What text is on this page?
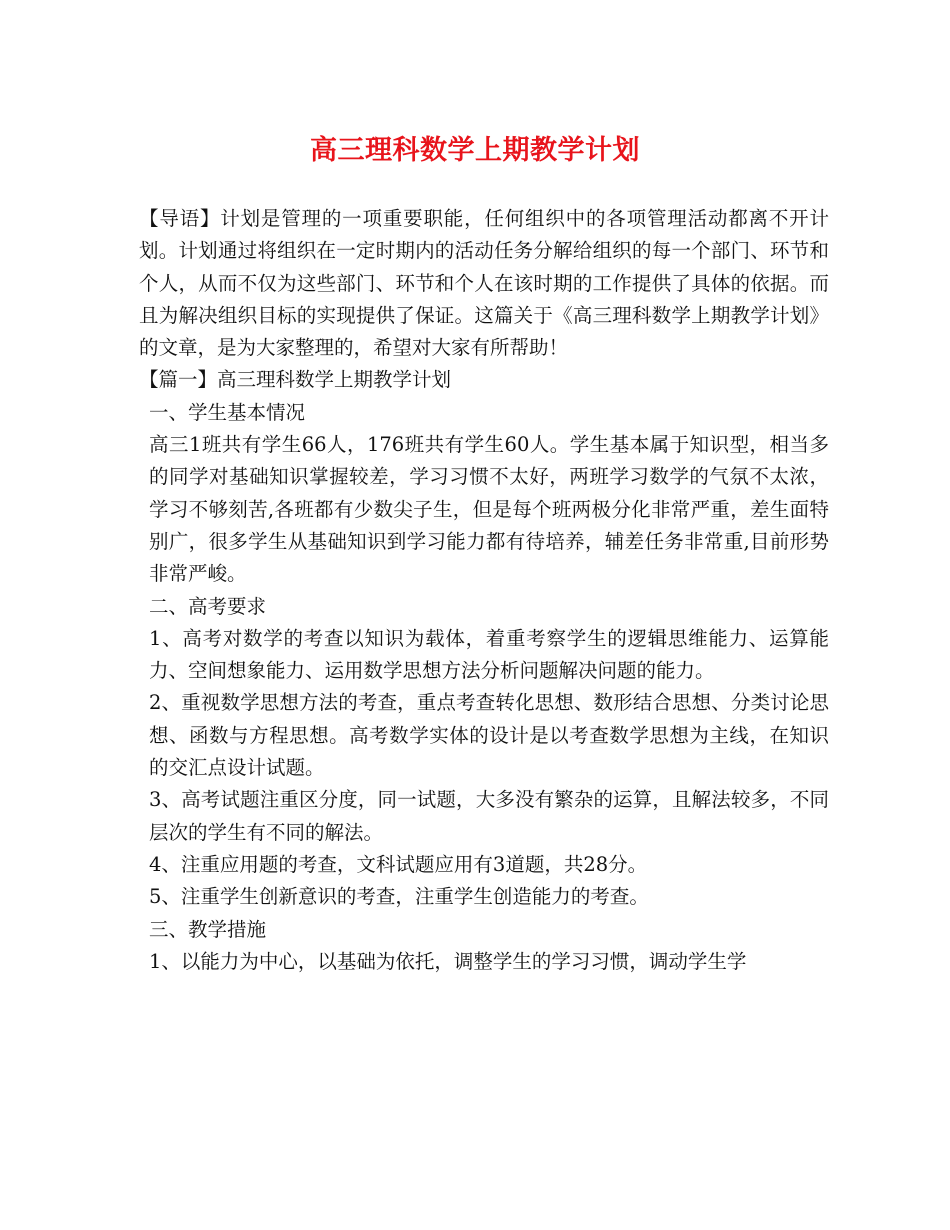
高三理科数学上期教学计划

【导语】计划是管理的一项重要职能，任何组织中的各项管理活动都离不开计划。计划通过将组织在一定时期内的活动任务分解给组织的每一个部门、环节和个人，从而不仅为这些部门、环节和个人在该时期的工作提供了具体的依据。而且为解决组织目标的实现提供了保证。这篇关于《高三理科数学上期教学计划》的文章，是为大家整理的，希望对大家有所帮助！

【篇一】高三理科数学上期教学计划

一、学生基本情况

高三1班共有学生66人，176班共有学生60人。学生基本属于知识型，相当多的同学对基础知识掌握较差，学习习惯不太好，两班学习数学的气氛不太浓，学习不够刻苦,各班都有少数尖子生，但是每个班两极分化非常严重，差生面特别广，很多学生从基础知识到学习能力都有待培养，辅差任务非常重,目前形势非常严峻。

二、高考要求

1、高考对数学的考查以知识为载体，着重考察学生的逻辑思维能力、运算能力、空间想象能力、运用数学思想方法分析问题解决问题的能力。

2、重视数学思想方法的考查，重点考查转化思想、数形结合思想、分类讨论思想、函数与方程思想。高考数学实体的设计是以考查数学思想为主线，在知识的交汇点设计试题。

3、高考试题注重区分度，同一试题，大多没有繁杂的运算，且解法较多，不同层次的学生有不同的解法。

4、注重应用题的考查，文科试题应用有3道题，共28分。

5、注重学生创新意识的考查，注重学生创造能力的考查。

三、教学措施

1、以能力为中心，以基础为依托，调整学生的学习习惯，调动学生学
